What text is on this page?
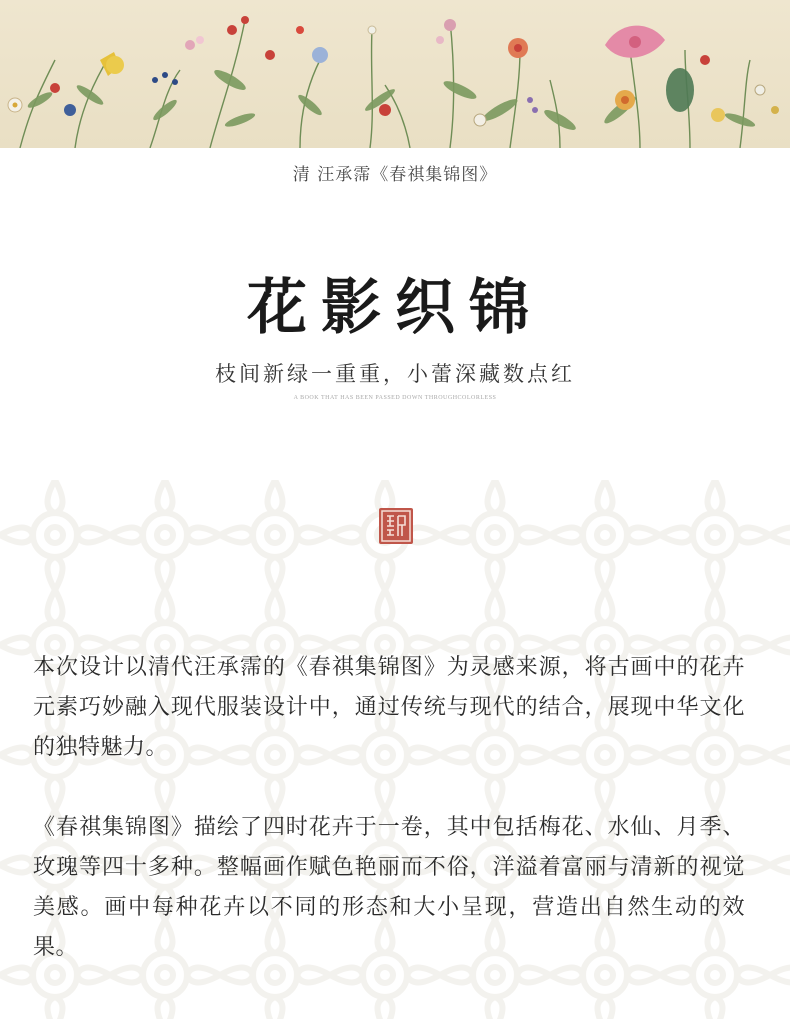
清 汪承霈《春祺集锦图》
花影织锦
枝间新绿一重重，小蕾深藏数点红
A BOOK THAT HAS BEEN PASSED DOWN THROUGHCOLORLESS
本次设计以清代汪承霈的《春祺集锦图》为灵感来源，将古画中的花卉元素巧妙融入现代服装设计中，通过传统与现代的结合，展现中华文化的独特魅力。
《春祺集锦图》描绘了四时花卉于一卷，其中包括梅花、水仙、月季、玫瑰等四十多种。整幅画作赋色艳丽而不俗，洋溢着富丽与清新的视觉美感。画中每种花卉以不同的形态和大小呈现，营造出自然生动的效果。
